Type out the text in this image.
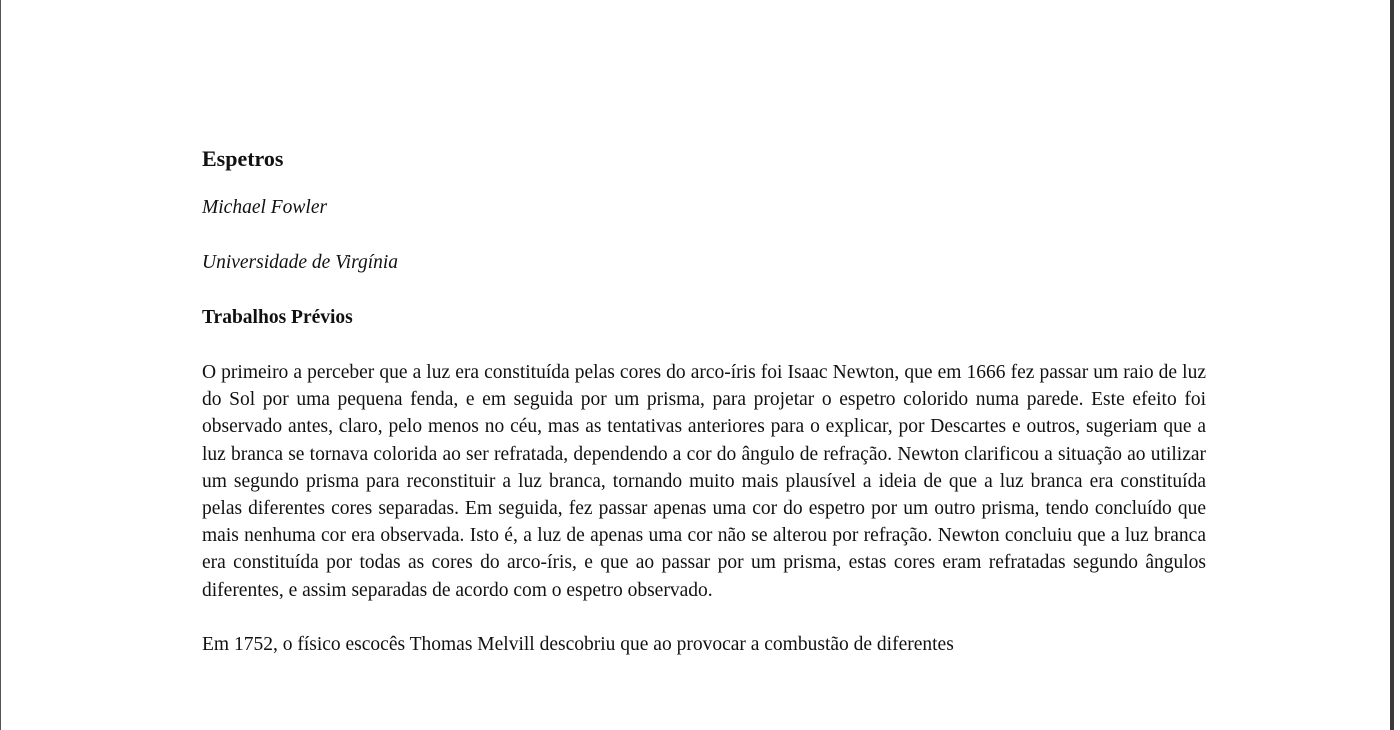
Espetros

Michael Fowler

Universidade de Virgínia

Trabalhos Prévios

O primeiro a perceber que a luz era constituída pelas cores do arco-íris foi Isaac Newton, que em 1666 fez passar um raio de luz do Sol por uma pequena fenda, e em seguida por um prisma, para projetar o espetro colorido numa parede. Este efeito foi observado antes, claro, pelo menos no céu, mas as tentativas anteriores para o explicar, por Descartes e outros, sugeriam que a luz branca se tornava colorida ao ser refratada, dependendo a cor do ângulo de refração. Newton clarificou a situação ao utilizar um segundo prisma para reconstituir a luz branca, tornando muito mais plausível a ideia de que a luz branca era constituída pelas diferentes cores separadas. Em seguida, fez passar apenas uma cor do espetro por um outro prisma, tendo concluído que mais nenhuma cor era observada. Isto é, a luz de apenas uma cor não se alterou por refração. Newton concluiu que a luz branca era constituída por todas as cores do arco-íris, e que ao passar por um prisma, estas cores eram refratadas segundo ângulos diferentes, e assim separadas de acordo com o espetro observado.

Em 1752, o físico escocês Thomas Melvill descobriu que ao provocar a combustão de diferentes
